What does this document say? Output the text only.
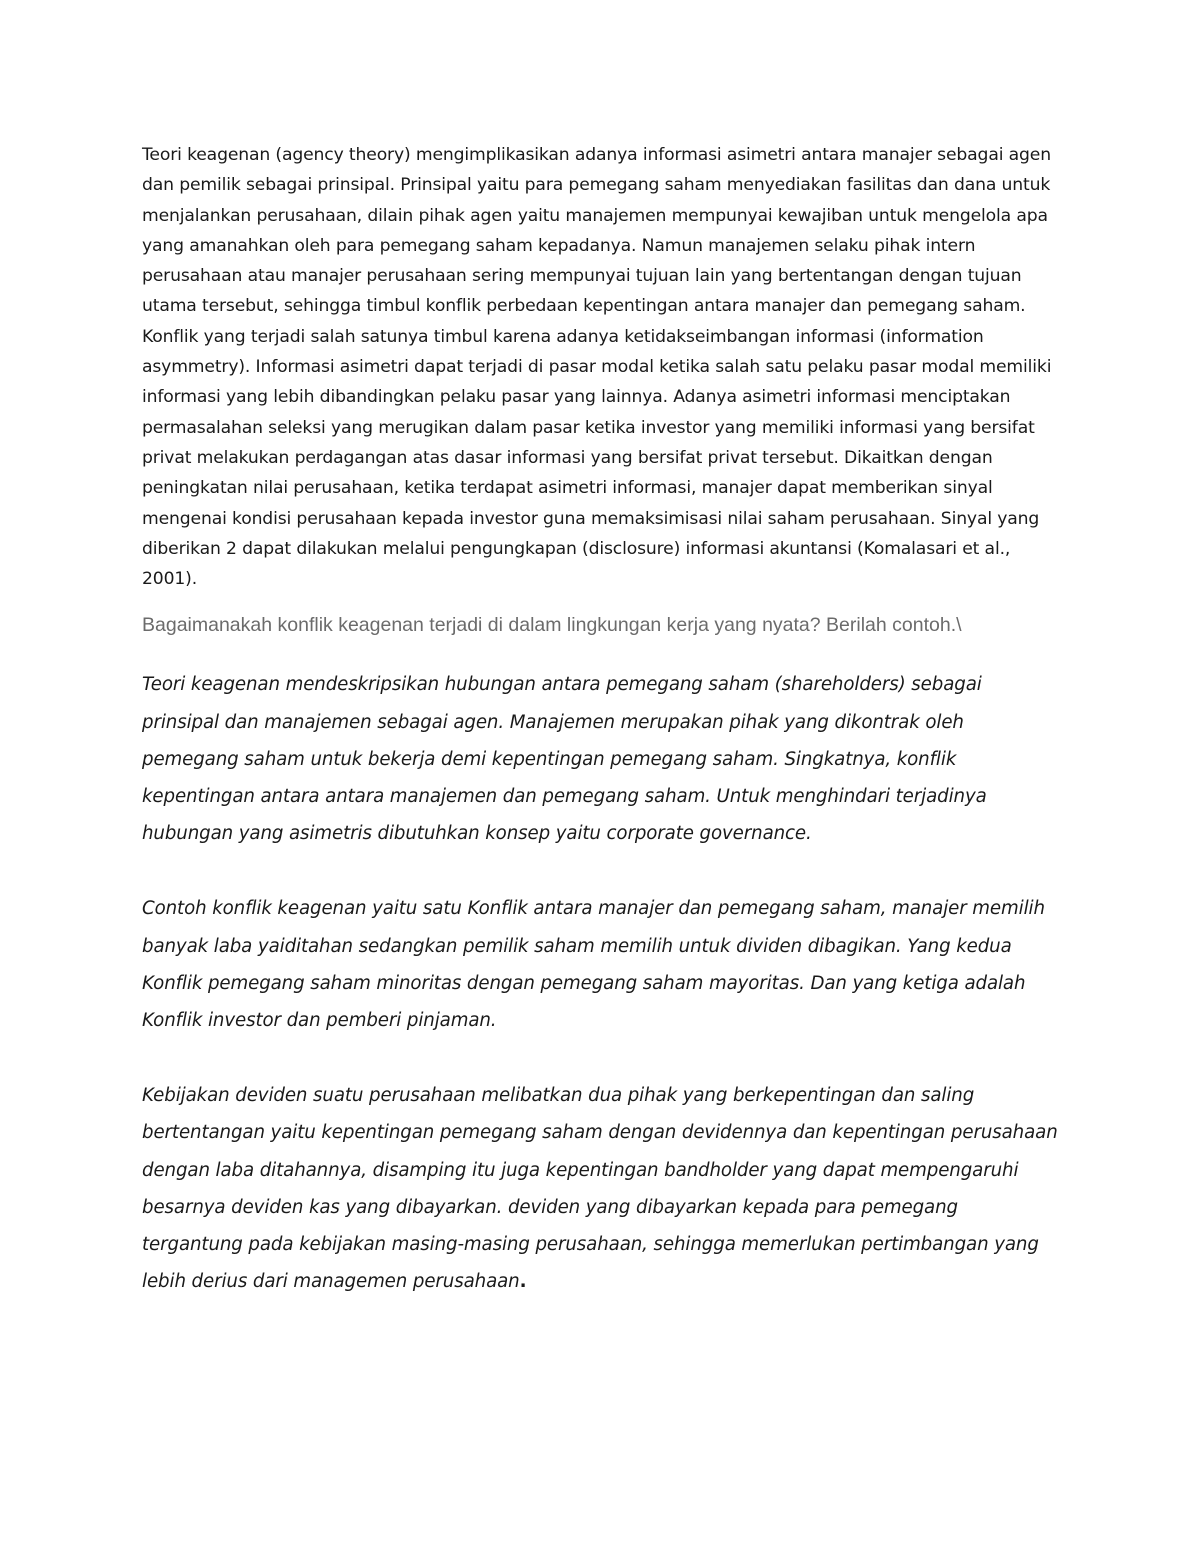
Teori keagenan (agency theory) mengimplikasikan adanya informasi asimetri antara manajer sebagai agen dan pemilik sebagai prinsipal. Prinsipal yaitu para pemegang saham menyediakan fasilitas dan dana untuk menjalankan perusahaan, dilain pihak agen yaitu manajemen mempunyai kewajiban untuk mengelola apa yang amanahkan oleh para pemegang saham kepadanya. Namun manajemen selaku pihak intern perusahaan atau manajer perusahaan sering mempunyai tujuan lain yang bertentangan dengan tujuan utama tersebut, sehingga timbul konflik perbedaan kepentingan antara manajer dan pemegang saham. Konflik yang terjadi salah satunya timbul karena adanya ketidakseimbangan informasi (information asymmetry). Informasi asimetri dapat terjadi di pasar modal ketika salah satu pelaku pasar modal memiliki informasi yang lebih dibandingkan pelaku pasar yang lainnya. Adanya asimetri informasi menciptakan permasalahan seleksi yang merugikan dalam pasar ketika investor yang memiliki informasi yang bersifat privat melakukan perdagangan atas dasar informasi yang bersifat privat tersebut. Dikaitkan dengan peningkatan nilai perusahaan, ketika terdapat asimetri informasi, manajer dapat memberikan sinyal mengenai kondisi perusahaan kepada investor guna memaksimisasi nilai saham perusahaan. Sinyal yang diberikan 2 dapat dilakukan melalui pengungkapan (disclosure) informasi akuntansi (Komalasari et al., 2001).

Bagaimanakah konflik keagenan terjadi di dalam lingkungan kerja yang nyata? Berilah contoh.\

Teori keagenan mendeskripsikan hubungan antara pemegang saham (shareholders) sebagai prinsipal dan manajemen sebagai agen. Manajemen merupakan pihak yang dikontrak oleh pemegang saham untuk bekerja demi kepentingan pemegang saham. Singkatnya, konflik kepentingan antara antara manajemen dan pemegang saham. Untuk menghindari terjadinya hubungan yang asimetris dibutuhkan konsep yaitu corporate governance.

Contoh konflik keagenan yaitu satu Konflik antara manajer dan pemegang saham, manajer memilih banyak laba yaiditahan sedangkan pemilik saham memilih untuk dividen dibagikan. Yang kedua Konflik pemegang saham minoritas dengan pemegang saham mayoritas. Dan yang ketiga adalah Konflik investor dan pemberi pinjaman.

Kebijakan deviden suatu perusahaan melibatkan dua pihak yang berkepentingan dan saling bertentangan yaitu kepentingan pemegang saham dengan devidennya dan kepentingan perusahaan dengan laba ditahannya, disamping itu juga kepentingan bandholder yang dapat mempengaruhi besarnya deviden kas yang dibayarkan. deviden yang dibayarkan kepada para pemegang tergantung pada kebijakan masing-masing perusahaan, sehingga memerlukan pertimbangan yang lebih derius dari managemen perusahaan.
